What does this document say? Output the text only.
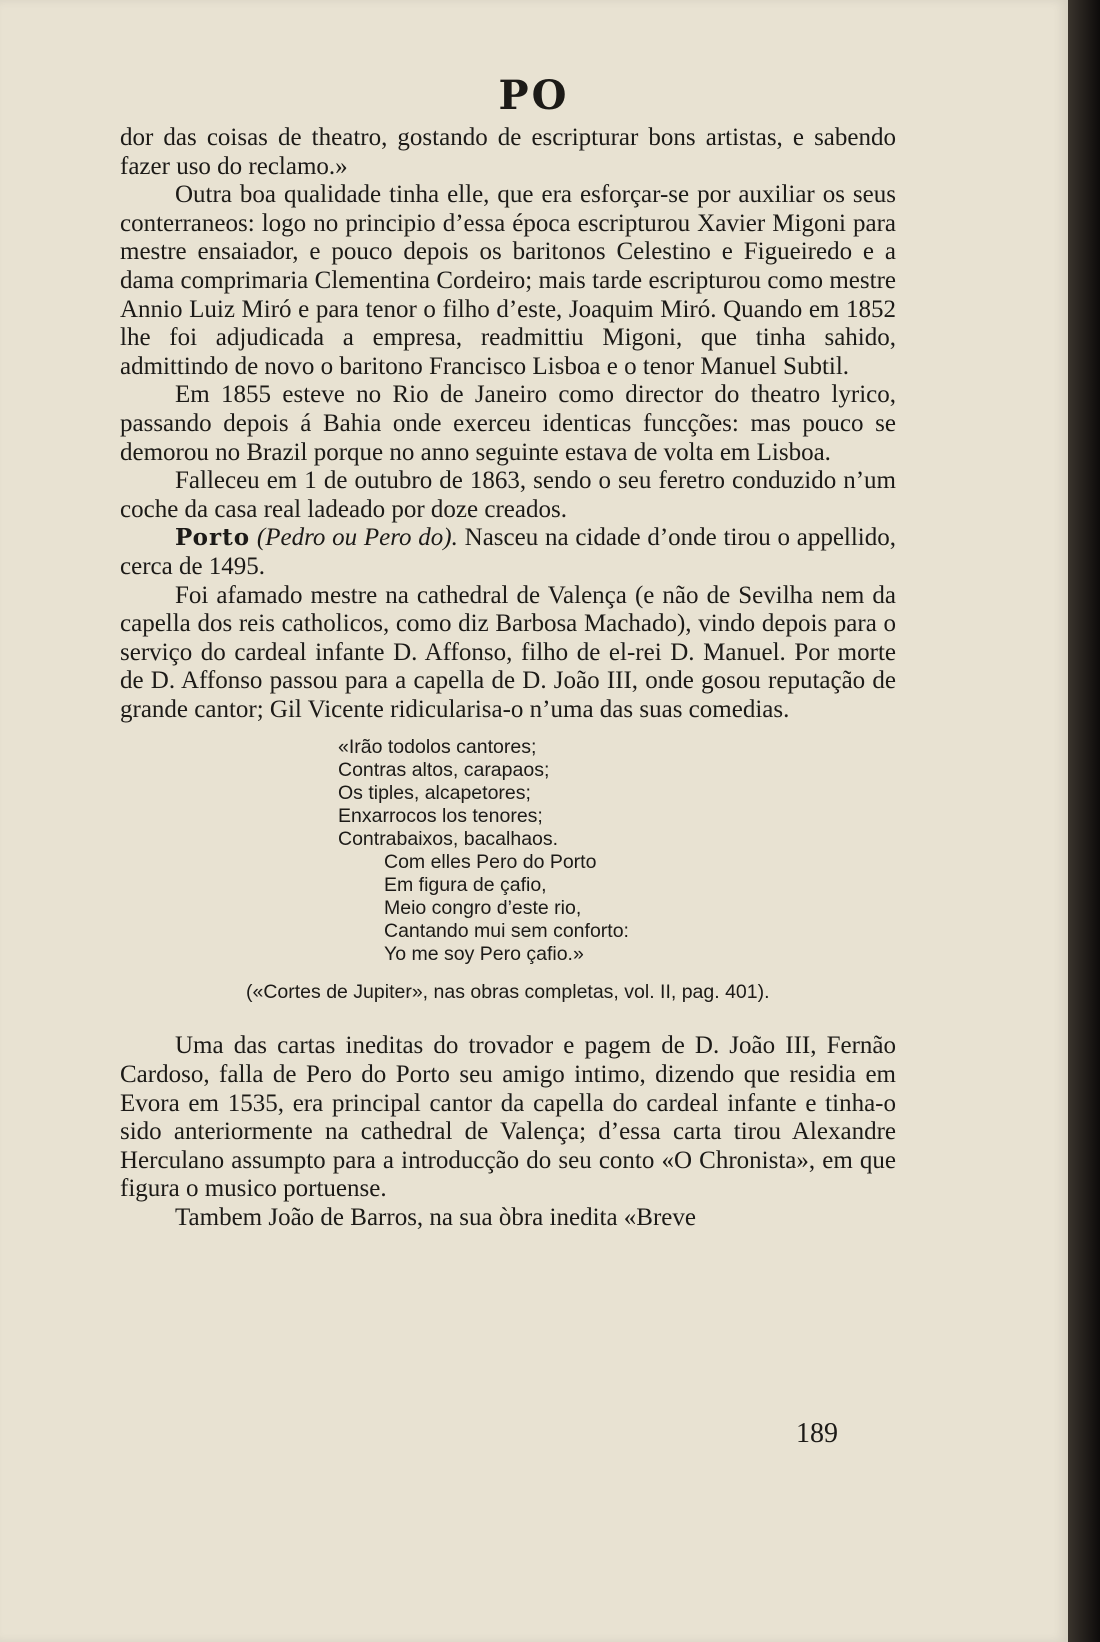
PO

dor das coisas de theatro, gostando de escripturar bons artistas, e sabendo fazer uso do reclamo.»

Outra boa qualidade tinha elle, que era esforçar-se por auxiliar os seus conterraneos: logo no principio d’essa época escripturou Xavier Migoni para mestre ensaiador, e pouco depois os baritonos Celestino e Figueiredo e a dama comprimaria Clementina Cordeiro; mais tarde escripturou como mestre Annio Luiz Miró e para tenor o filho d’este, Joaquim Miró. Quando em 1852 lhe foi adjudicada a empresa, readmittiu Migoni, que tinha sahido, admittindo de novo o baritono Francisco Lisboa e o tenor Manuel Subtil.

Em 1855 esteve no Rio de Janeiro como director do theatro lyrico, passando depois á Bahia onde exerceu identicas funcções: mas pouco se demorou no Brazil porque no anno seguinte estava de volta em Lisboa.

Falleceu em 1 de outubro de 1863, sendo o seu feretro conduzido n’um coche da casa real ladeado por doze creados.

Porto (Pedro ou Pero do). Nasceu na cidade d’onde tirou o appellido, cerca de 1495.

Foi afamado mestre na cathedral de Valença (e não de Sevilha nem da capella dos reis catholicos, como diz Barbosa Machado), vindo depois para o serviço do cardeal infante D. Affonso, filho de el-rei D. Manuel. Por morte de D. Affonso passou para a capella de D. João III, onde gosou reputação de grande cantor; Gil Vicente ridicularisa-o n’uma das suas comedias.

«Irão todolos cantores;
Contras altos, carapaos;
Os tiples, alcapetores;
Enxarrocos los tenores;
Contrabaixos, bacalhaos.
Com elles Pero do Porto
Em figura de çafio,
Meio congro d’este rio,
Cantando mui sem conforto:
Yo me soy Pero çafio.»
(«Cortes de Jupiter», nas obras completas, vol. II, pag. 401).

Uma das cartas ineditas do trovador e pagem de D. João III, Fernão Cardoso, falla de Pero do Porto seu amigo intimo, dizendo que residia em Evora em 1535, era principal cantor da capella do cardeal infante e tinha-o sido anteriormente na cathedral de Valença; d’essa carta tirou Alexandre Herculano assumpto para a introducção do seu conto «O Chronista», em que figura o musico portuense.

Tambem João de Barros, na sua òbra inedita «Breve

189
